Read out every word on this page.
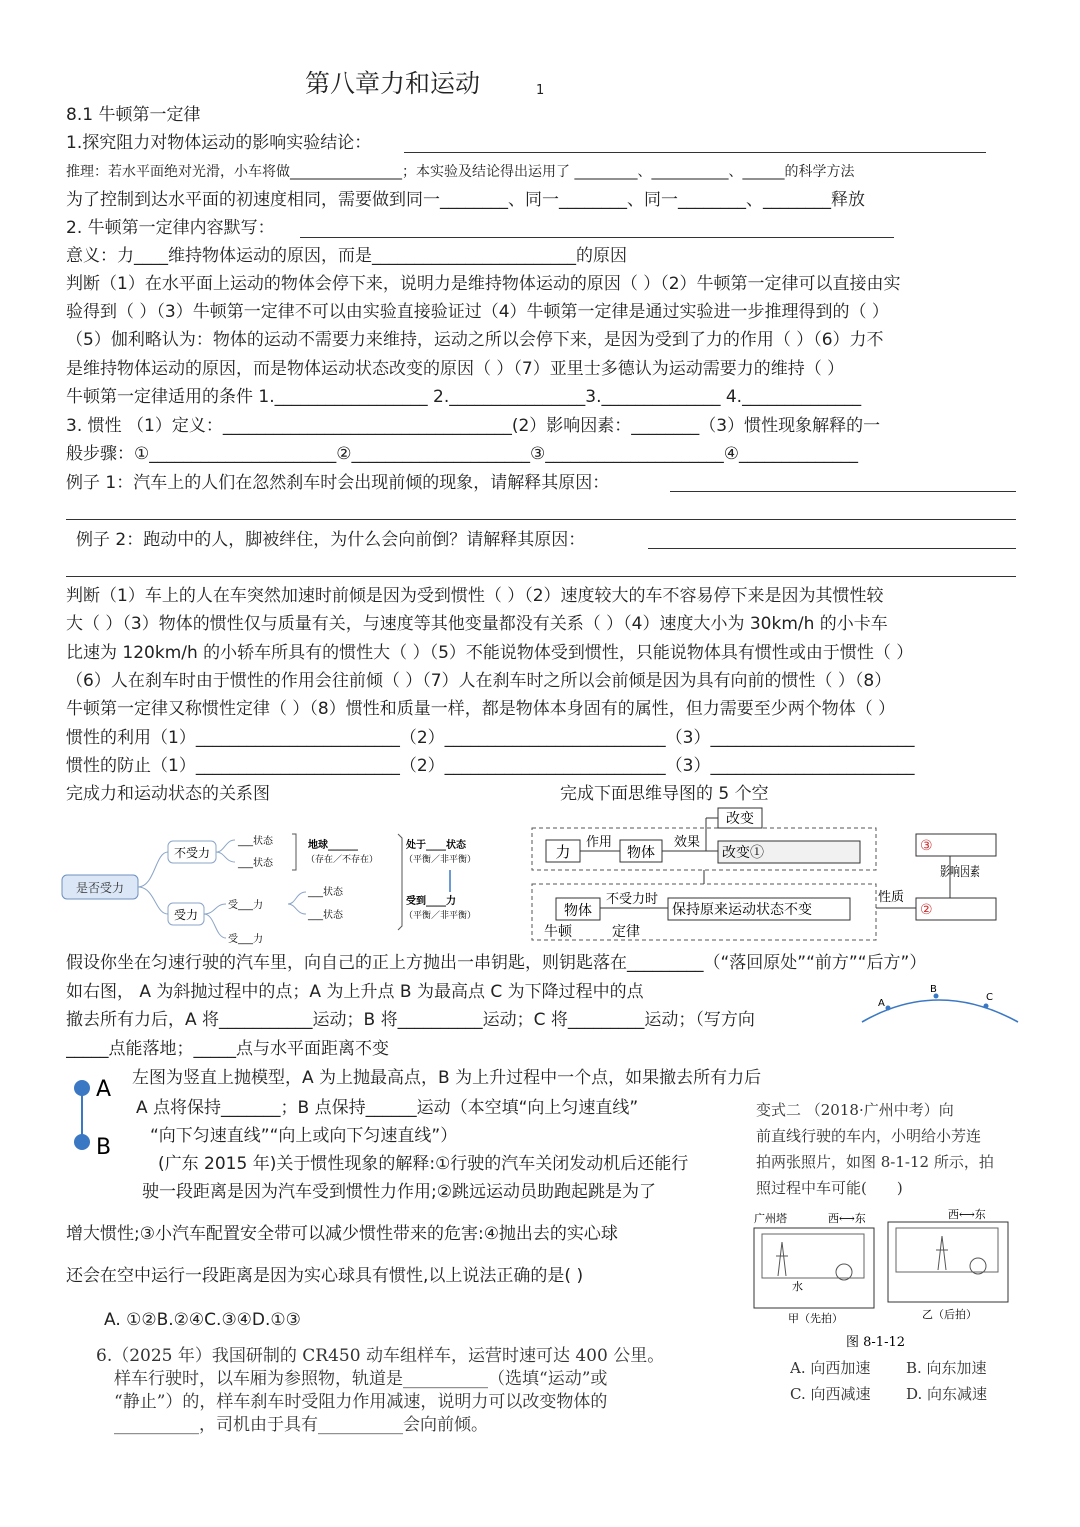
第八章力和运动	1
8.1 牛顿第一定律
1.探究阻力对物体运动的影响实验结论：
推理：若水平面绝对光滑，小车将做________________；本实验及结论得出运用了 _________、___________、______的科学方法
为了控制到达水平面的初速度相同，需要做到同一________、同一________、同一________、________释放
2. 牛顿第一定律内容默写：
意义：力____维持物体运动的原因，而是________________________的原因
判断（1）在水平面上运动的物体会停下来，说明力是维持物体运动的原因（ ）（2）牛顿第一定律可以直接由实
验得到（ ）（3）牛顿第一定律不可以由实验直接验证过（4）牛顿第一定律是通过实验进一步推理得到的（ ）
（5）伽利略认为：物体的运动不需要力来维持，运动之所以会停下来，是因为受到了力的作用（ ）（6）力不
是维持物体运动的原因，而是物体运动状态改变的原因（ ）（7）亚里士多德认为运动需要力的维持（ ）
牛顿第一定律适用的条件 1.__________________ 2.________________3.______________ 4.______________
3. 惯性 （1）定义：__________________________________(2）影响因素：________（3）惯性现象解释的一
般步骤：①______________________②_____________________③_____________________④______________
例子 1：汽车上的人们在忽然刹车时会出现前倾的现象，请解释其原因：
例子 2：跑动中的人，脚被绊住，为什么会向前倒？请解释其原因：
判断（1）车上的人在车突然加速时前倾是因为受到惯性（ ）（2）速度较大的车不容易停下来是因为其惯性较
大（ ）（3）物体的惯性仅与质量有关，与速度等其他变量都没有关系（ ）（4）速度大小为 30km/h 的小卡车
比速为 120km/h 的小轿车所具有的惯性大（ ）（5）不能说物体受到惯性，只能说物体具有惯性或由于惯性（ ）
（6）人在刹车时由于惯性的作用会往前倾（ ）（7）人在刹车时之所以会前倾是因为具有向前的惯性（ ）（8）
牛顿第一定律又称惯性定律（ ）（8）惯性和质量一样，都是物体本身固有的属性，但力需要至少两个物体（ ）
惯性的利用（1）________________________（2）__________________________（3）________________________
惯性的防止（1）________________________（2）__________________________（3）________________________
完成力和运动状态的关系图	完成下面思维导图的 5 个空
是否受力
不受力
受力
___状态
___状态
受___力
受___力
___状态
___状态
地球______
（存在／不存在）
处于____状态
（平衡／非平衡）
受到____力
（平衡／非平衡）
力
作用
物体
效果
改变
改变①	③
影响因素
物体
不受力时
保持原来运动状态不变
性质
②
牛顿	定律
假设你坐在匀速行驶的汽车里，向自己的正上方抛出一串钥匙，则钥匙落在_________（“落回原处”“前方”“后方”）
如右图， A 为斜抛过程中的点；A 为上升点 B 为最高点 C 为下降过程中的点
撤去所有力后，A 将___________运动；B 将__________运动；C 将_________运动；（写方向
_____点能落地；_____点与水平面距离不变
A
B
C
A
B
左图为竖直上抛模型，A 为上抛最高点，B 为上升过程中一个点，如果撤去所有力后
A 点将保持_______；B 点保持______运动（本空填“向上匀速直线”
“向下匀速直线”“向上或向下匀速直线”）
(广东 2015 年)关于惯性现象的解释:①行驶的汽车关闭发动机后还能行
驶一段距离是因为汽车受到惯性力作用;②跳远运动员助跑起跳是为了
增大惯性;③小汽车配置安全带可以减少惯性带来的危害:④抛出去的实心球
还会在空中运行一段距离是因为实心球具有惯性,以上说法正确的是( )
A. ①②B.②④C.③④D.①③
6.（2025 年）我国研制的 CR450 动车组样车，运营时速可达 400 公里。
样车行驶时，以车厢为参照物，轨道是__________（选填“运动”或
“静止”）的，样车刹车时受阻力作用减速，说明力可以改变物体的
__________，司机由于具有__________会向前倾。
变式二 （2018·广州中考）向
前直线行驶的车内，小明给小芳连
拍两张照片，如图 8-1-12 所示，拍
照过程中车可能(　　)
广州塔	西⟷东	西⟷东
水
甲（先拍）	乙（后拍）
图 8-1-12
A. 向西加速	B. 向东加速
C. 向西减速	D. 向东减速
